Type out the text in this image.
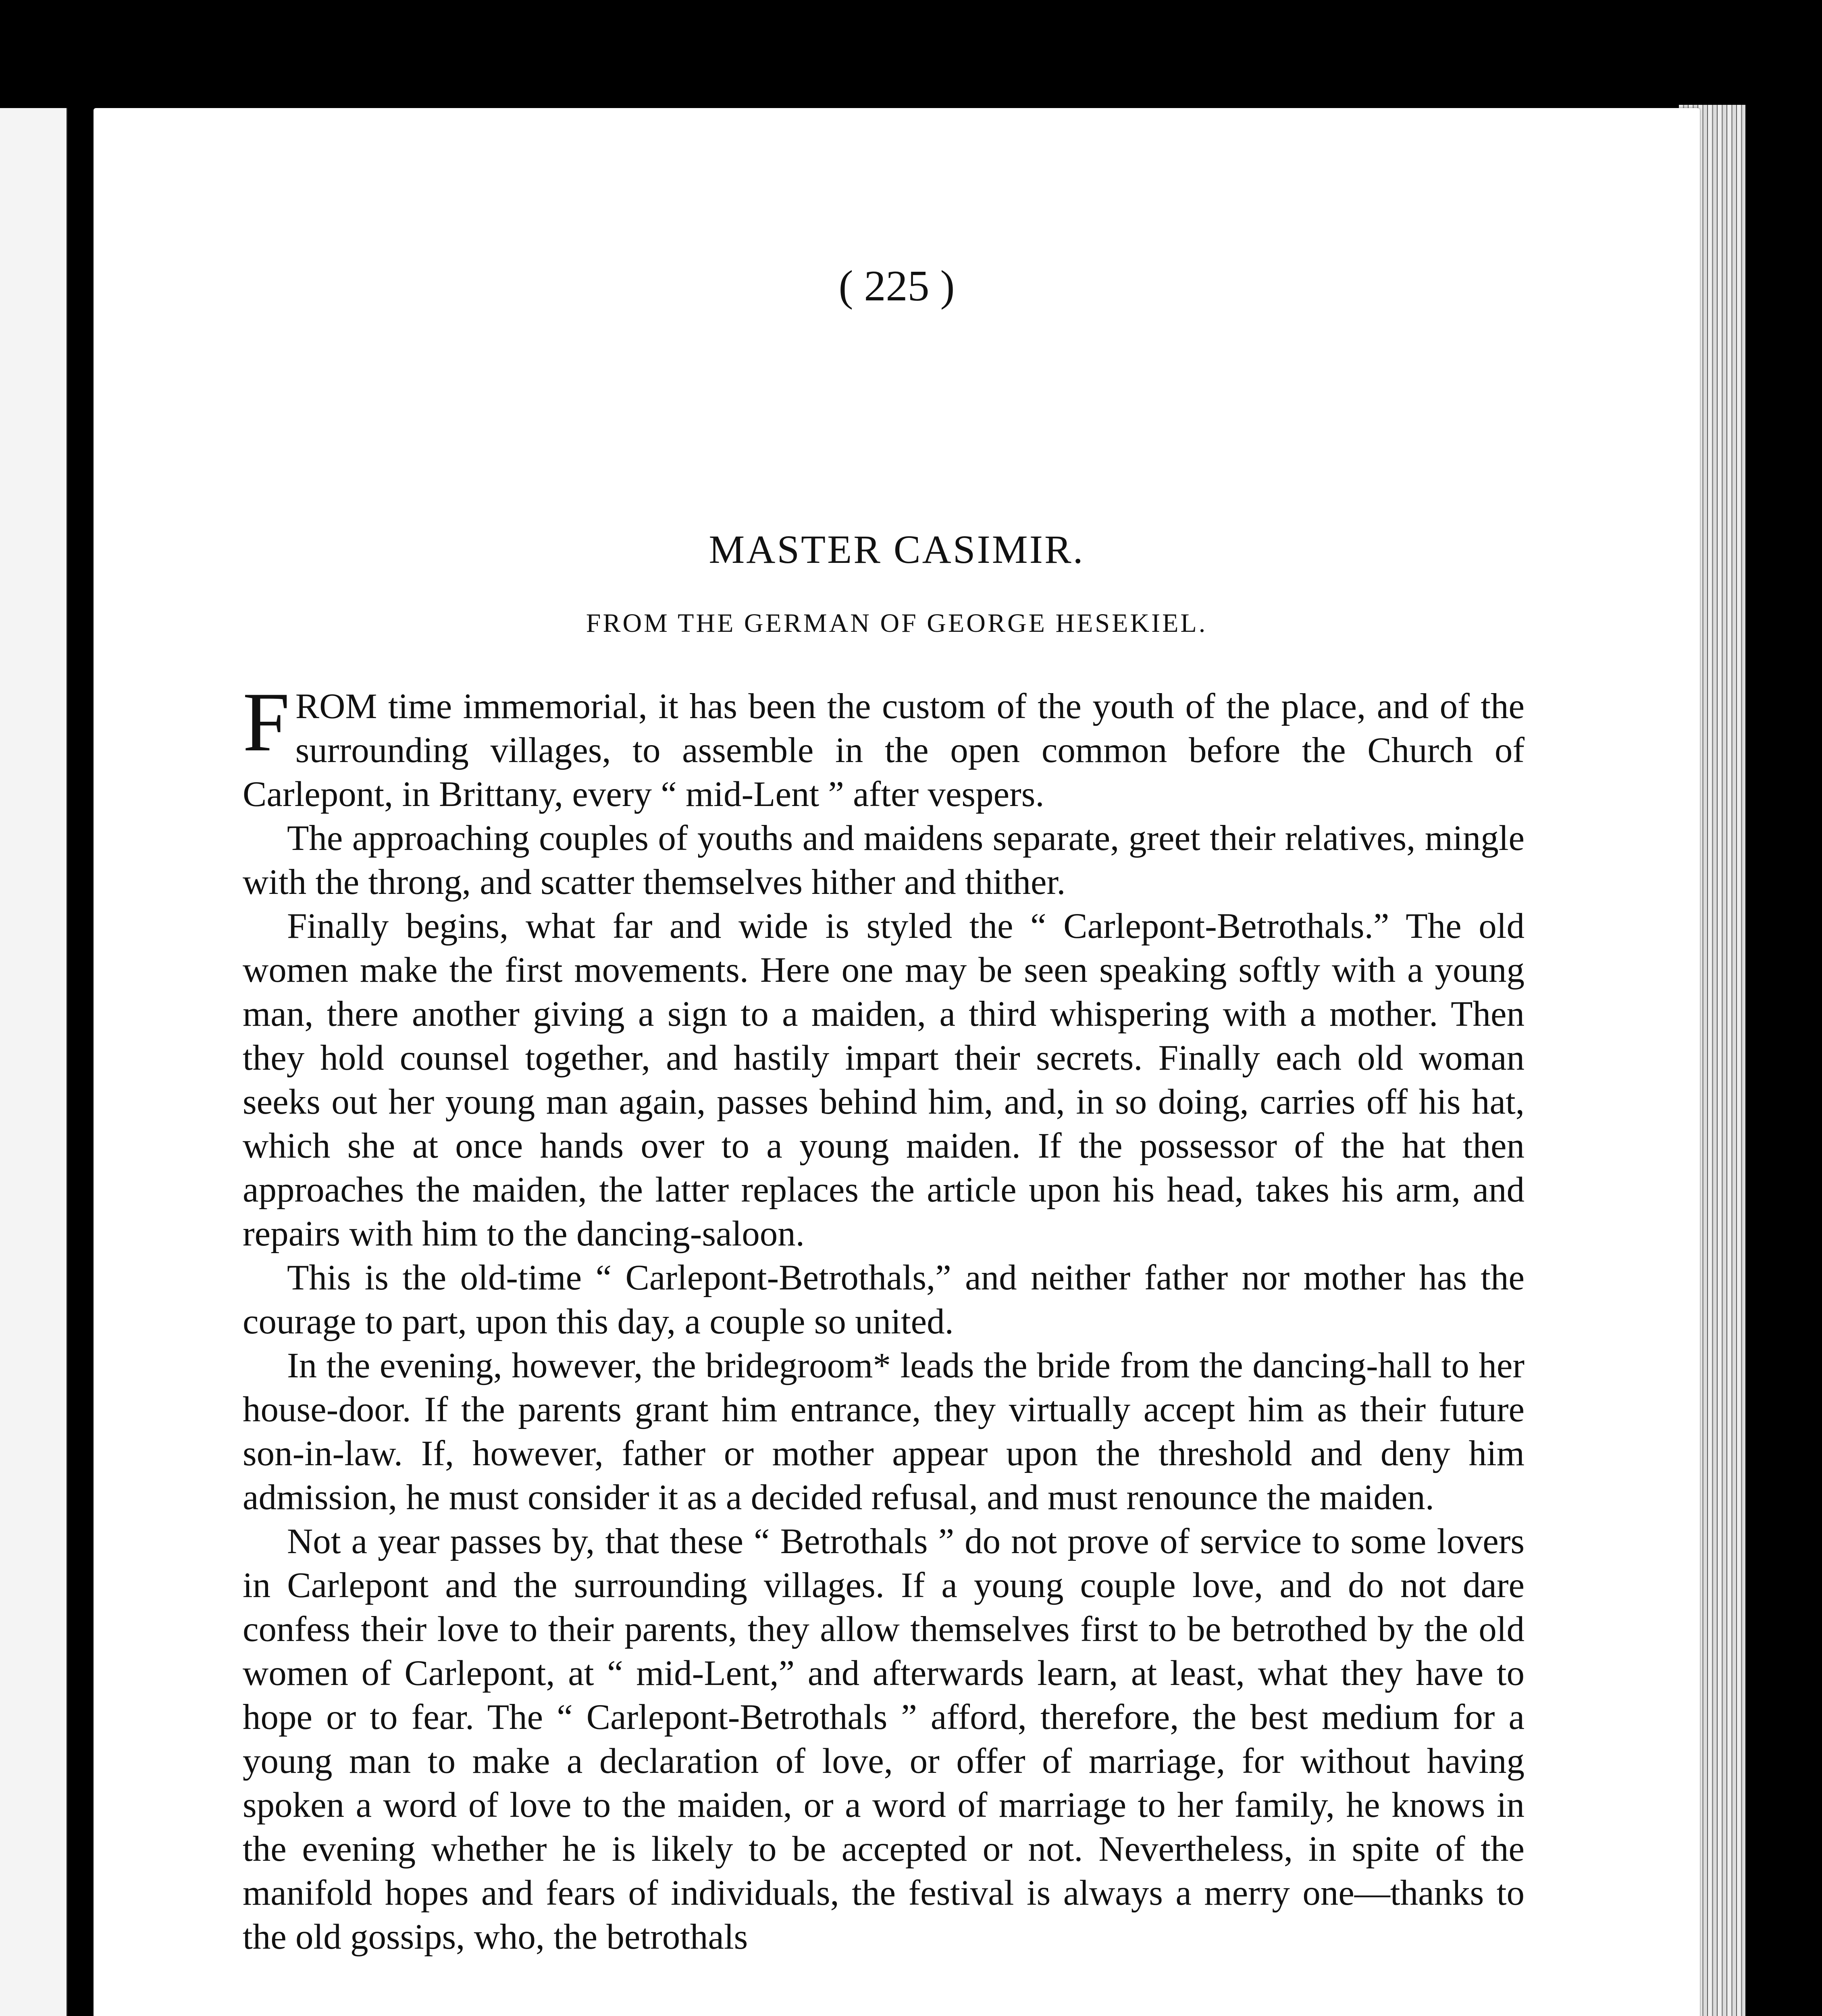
( 225 )

MASTER CASIMIR.

FROM THE GERMAN OF GEORGE HESEKIEL.

FROM time immemorial, it has been the custom of the youth of the place, and of the surrounding villages, to assemble in the open common before the Church of Carlepont, in Brittany, every “ mid-Lent ” after vespers.

The approaching couples of youths and maidens separate, greet their relatives, mingle with the throng, and scatter themselves hither and thither.

Finally begins, what far and wide is styled the “ Carlepont-Betrothals.” The old women make the first movements. Here one may be seen speaking softly with a young man, there another giving a sign to a maiden, a third whispering with a mother. Then they hold counsel together, and hastily impart their secrets. Finally each old woman seeks out her young man again, passes behind him, and, in so doing, carries off his hat, which she at once hands over to a young maiden. If the possessor of the hat then approaches the maiden, the latter replaces the article upon his head, takes his arm, and repairs with him to the dancing-saloon.

This is the old-time “ Carlepont-Betrothals,” and neither father nor mother has the courage to part, upon this day, a couple so united.

In the evening, however, the bridegroom* leads the bride from the dancing-hall to her house-door. If the parents grant him entrance, they virtually accept him as their future son-in-law. If, however, father or mother appear upon the threshold and deny him admission, he must consider it as a decided refusal, and must renounce the maiden.

Not a year passes by, that these “ Betrothals ” do not prove of service to some lovers in Carlepont and the surrounding villages. If a young couple love, and do not dare confess their love to their parents, they allow themselves first to be betrothed by the old women of Carlepont, at “ mid-Lent,” and afterwards learn, at least, what they have to hope or to fear. The “ Carlepont-Betrothals ” afford, therefore, the best medium for a young man to make a declaration of love, or offer of marriage, for without having spoken a word of love to the maiden, or a word of marriage to her family, he knows in the evening whether he is likely to be accepted or not. Nevertheless, in spite of the manifold hopes and fears of individuals, the festival is always a merry one—thanks to the old gossips, who, the betrothals
